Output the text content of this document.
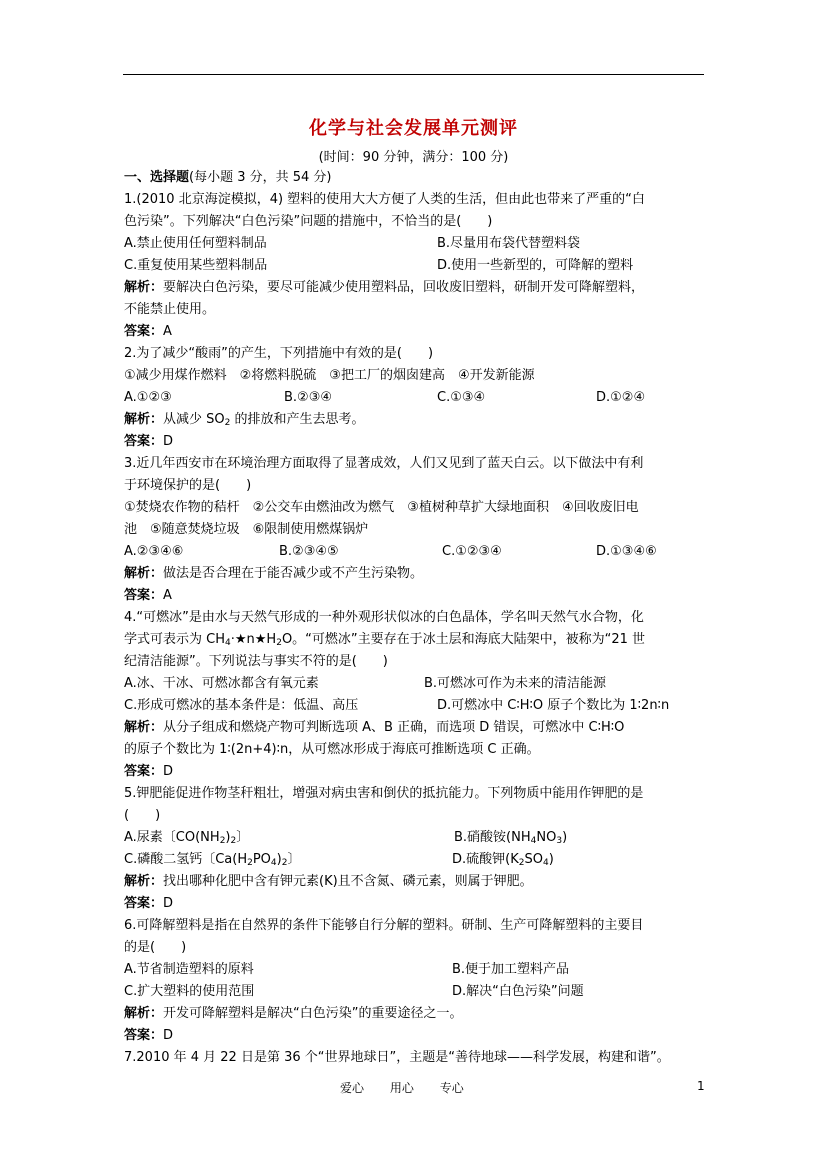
化学与社会发展单元测评
(时间：90 分钟，满分：100 分)
一、选择题(每小题 3 分，共 54 分)
1.(2010 北京海淀模拟，4) 塑料的使用大大方便了人类的生活，但由此也带来了严重的“白
色污染”。下列解决“白色污染”问题的措施中，不恰当的是(　　)
A.禁止使用任何塑料制品	B.尽量用布袋代替塑料袋
C.重复使用某些塑料制品	D.使用一些新型的，可降解的塑料
解析：要解决白色污染，要尽可能减少使用塑料品，回收废旧塑料，研制开发可降解塑料，
不能禁止使用。
答案：A
2.为了减少“酸雨”的产生，下列措施中有效的是(　　)
①减少用煤作燃料　②将燃料脱硫　③把工厂的烟囱建高　④开发新能源
A.①②③	B.②③④	C.①③④	D.①②④
解析：从减少 $SO_2$ 的排放和产生去思考。
答案：D
3.近几年西安市在环境治理方面取得了显著成效，人们又见到了蓝天白云。以下做法中有利
于环境保护的是(　　)
①焚烧农作物的秸杆　②公交车由燃油改为燃气　③植树种草扩大绿地面积　④回收废旧电
池　⑤随意焚烧垃圾　⑥限制使用燃煤锅炉
A.②③④⑥	B.②③④⑤	C.①②③④	D.①③④⑥
解析：做法是否合理在于能否减少或不产生污染物。
答案：A
4.“可燃冰”是由水与天然气形成的一种外观形状似冰的白色晶体，学名叫天然气水合物，化
学式可表示为 $CH_4\cdot★n★H_2O$。“可燃冰”主要存在于冰土层和海底大陆架中，被称为“21 世
纪清洁能源”。下列说法与事实不符的是(　　)
A.冰、干冰、可燃冰都含有氧元素	B.可燃冰可作为未来的清洁能源
C.形成可燃冰的基本条件是：低温、高压	D.可燃冰中 C∶H∶O 原子个数比为 1∶2n∶n
解析：从分子组成和燃烧产物可判断选项 A、B 正确，而选项 D 错误，可燃冰中 C∶H∶O
的原子个数比为 1∶(2n+4)∶n，从可燃冰形成于海底可推断选项 C 正确。
答案：D
5.钾肥能促进作物茎秆粗壮，增强对病虫害和倒伏的抵抗能力。下列物质中能用作钾肥的是
(　　)
A.尿素〔$CO(NH_2)_2$〕	B.硝酸铵$(NH_4NO_3)$
C.磷酸二氢钙〔$Ca(H_2PO_4)_2$〕	D.硫酸钾$(K_2SO_4)$
解析：找出哪种化肥中含有钾元素(K)且不含氮、磷元素，则属于钾肥。
答案：D
6.可降解塑料是指在自然界的条件下能够自行分解的塑料。研制、生产可降解塑料的主要目
的是(　　)
A.节省制造塑料的原料	B.便于加工塑料产品
C.扩大塑料的使用范围	D.解决“白色污染”问题
解析：开发可降解塑料是解决“白色污染”的重要途径之一。
答案：D
7.2010 年 4 月 22 日是第 36 个“世界地球日”，主题是“善待地球——科学发展，构建和谐”。
爱心 用心 专心	1
